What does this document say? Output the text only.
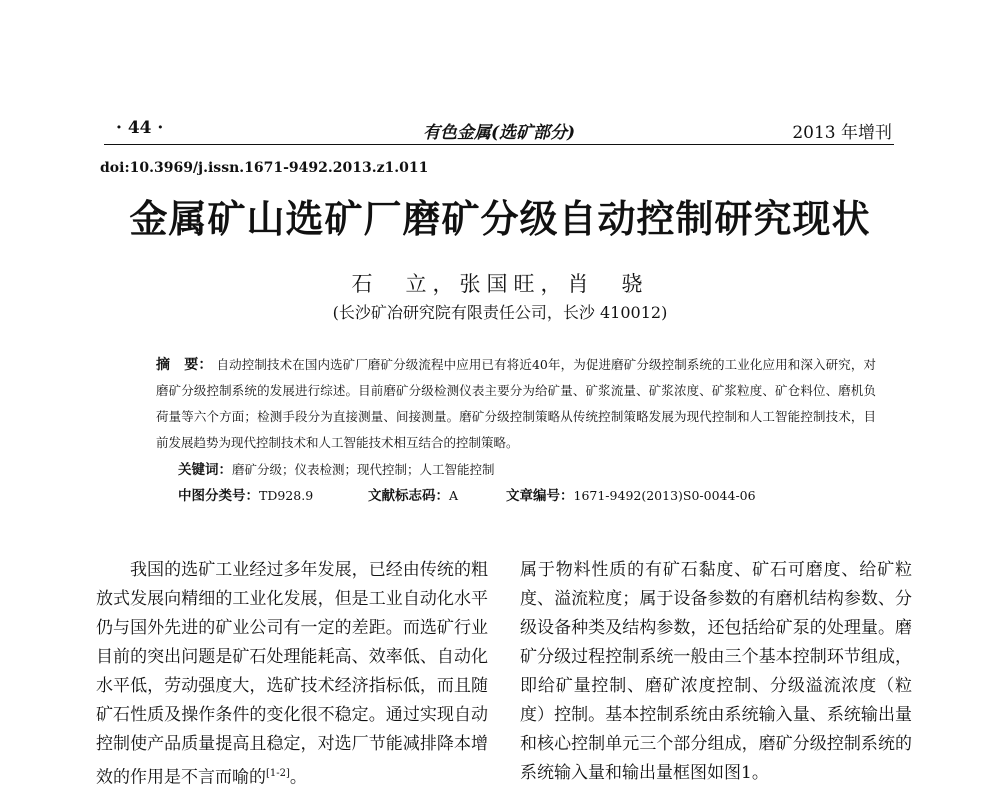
· 44 ·	有色金属(选矿部分)	2013 年增刊
doi:10.3969/j.issn.1671-9492.2013.z1.011
金属矿山选矿厂磨矿分级自动控制研究现状
石　立，张国旺，肖　骁
(长沙矿冶研究院有限责任公司，长沙 410012)
摘　要： 自动控制技术在国内选矿厂磨矿分级流程中应用已有将近40年，为促进磨矿分级控制系统的工业化应用和深入研究，对磨矿分级控制系统的发展进行综述。目前磨矿分级检测仪表主要分为给矿量、矿浆流量、矿浆浓度、矿浆粒度、矿仓料位、磨机负荷量等六个方面；检测手段分为直接测量、间接测量。磨矿分级控制策略从传统控制策略发展为现代控制和人工智能控制技术，目前发展趋势为现代控制技术和人工智能技术相互结合的控制策略。
关键词：磨矿分级；仪表检测；现代控制；人工智能控制
中图分类号：TD928.9	文献标志码：A	文章编号：1671-9492(2013)S0-0044-06
我国的选矿工业经过多年发展，已经由传统的粗放式发展向精细的工业化发展，但是工业自动化水平仍与国外先进的矿业公司有一定的差距。而选矿行业目前的突出问题是矿石处理能耗高、效率低、自动化水平低，劳动强度大，选矿技术经济指标低，而且随矿石性质及操作条件的变化很不稳定。通过实现自动控制使产品质量提高且稳定，对选厂节能减排降本增效的作用是不言而喻的[1-2]。
属于物料性质的有矿石黏度、矿石可磨度、给矿粒度、溢流粒度；属于设备参数的有磨机结构参数、分级设备种类及结构参数，还包括给矿泵的处理量。磨矿分级过程控制系统一般由三个基本控制环节组成，即给矿量控制、磨矿浓度控制、分级溢流浓度（粒度）控制。基本控制系统由系统输入量、系统输出量和核心控制单元三个部分组成，磨矿分级控制系统的系统输入量和输出量框图如图1。
